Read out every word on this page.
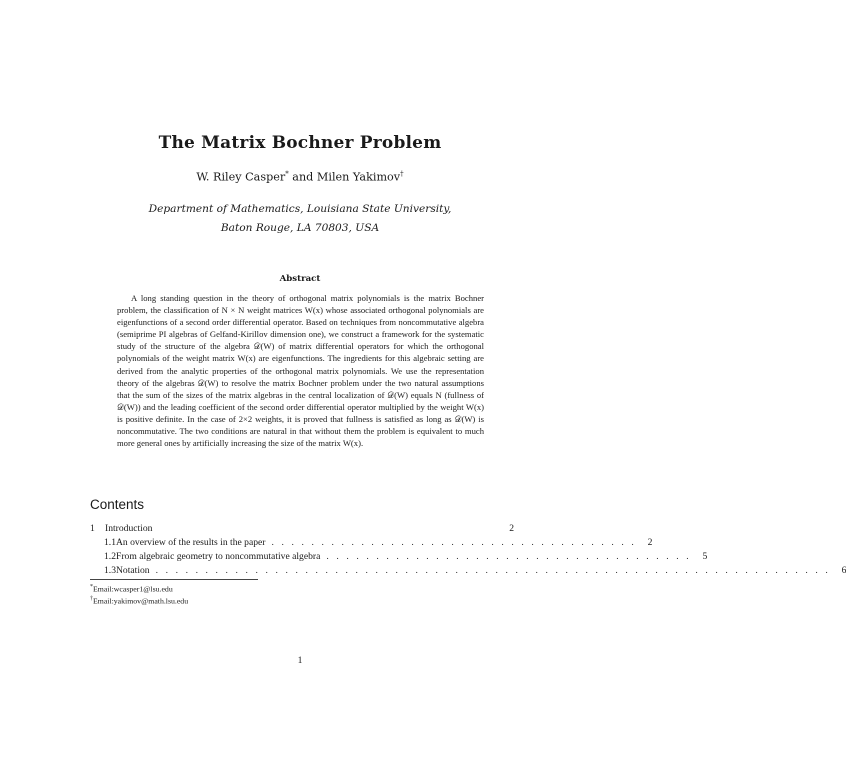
The Matrix Bochner Problem
W. Riley Casper* and Milen Yakimov†
Department of Mathematics, Louisiana State University,
Baton Rouge, LA 70803, USA
Abstract

A long standing question in the theory of orthogonal matrix polynomials is the matrix Bochner problem, the classification of N × N weight matrices W(x) whose associated orthogonal polynomials are eigenfunctions of a second order differential operator. Based on techniques from noncommutative algebra (semiprime PI algebras of Gelfand-Kirillov dimension one), we construct a framework for the systematic study of the structure of the algebra 𝒟(W) of matrix differential operators for which the orthogonal polynomials of the weight matrix W(x) are eigenfunctions. The ingredients for this algebraic setting are derived from the analytic properties of the orthogonal matrix polynomials. We use the representation theory of the algebras 𝒟(W) to resolve the matrix Bochner problem under the two natural assumptions that the sum of the sizes of the matrix algebras in the central localization of 𝒟(W) equals N (fullness of 𝒟(W)) and the leading coefficient of the second order differential operator multiplied by the weight W(x) is positive definite. In the case of 2×2 weights, it is proved that fullness is satisfied as long as 𝒟(W) is noncommutative. The two conditions are natural in that without them the problem is equivalent to much more general ones by artificially increasing the size of the matrix W(x).

Contents
1	Introduction	2
1.1 An overview of the results in the paper . . . . . . . . . . . . . . . . . . . . . . . . . . . . . . . . . . . . .	2
1.2 From algebraic geometry to noncommutative algebra . . . . . . . . . . . . . . . . . . . . . . . . . . . . . . . . . . . . .	5
1.3 Notation . . . . . . . . . . . . . . . . . . . . . . . . . . . . . . . . . . . . . . . . . . . . . . . . . . . . . . . . . . . . . . . . . . . .	6
*Email:wcasper1@lsu.edu
†Email:yakimov@math.lsu.edu
1
